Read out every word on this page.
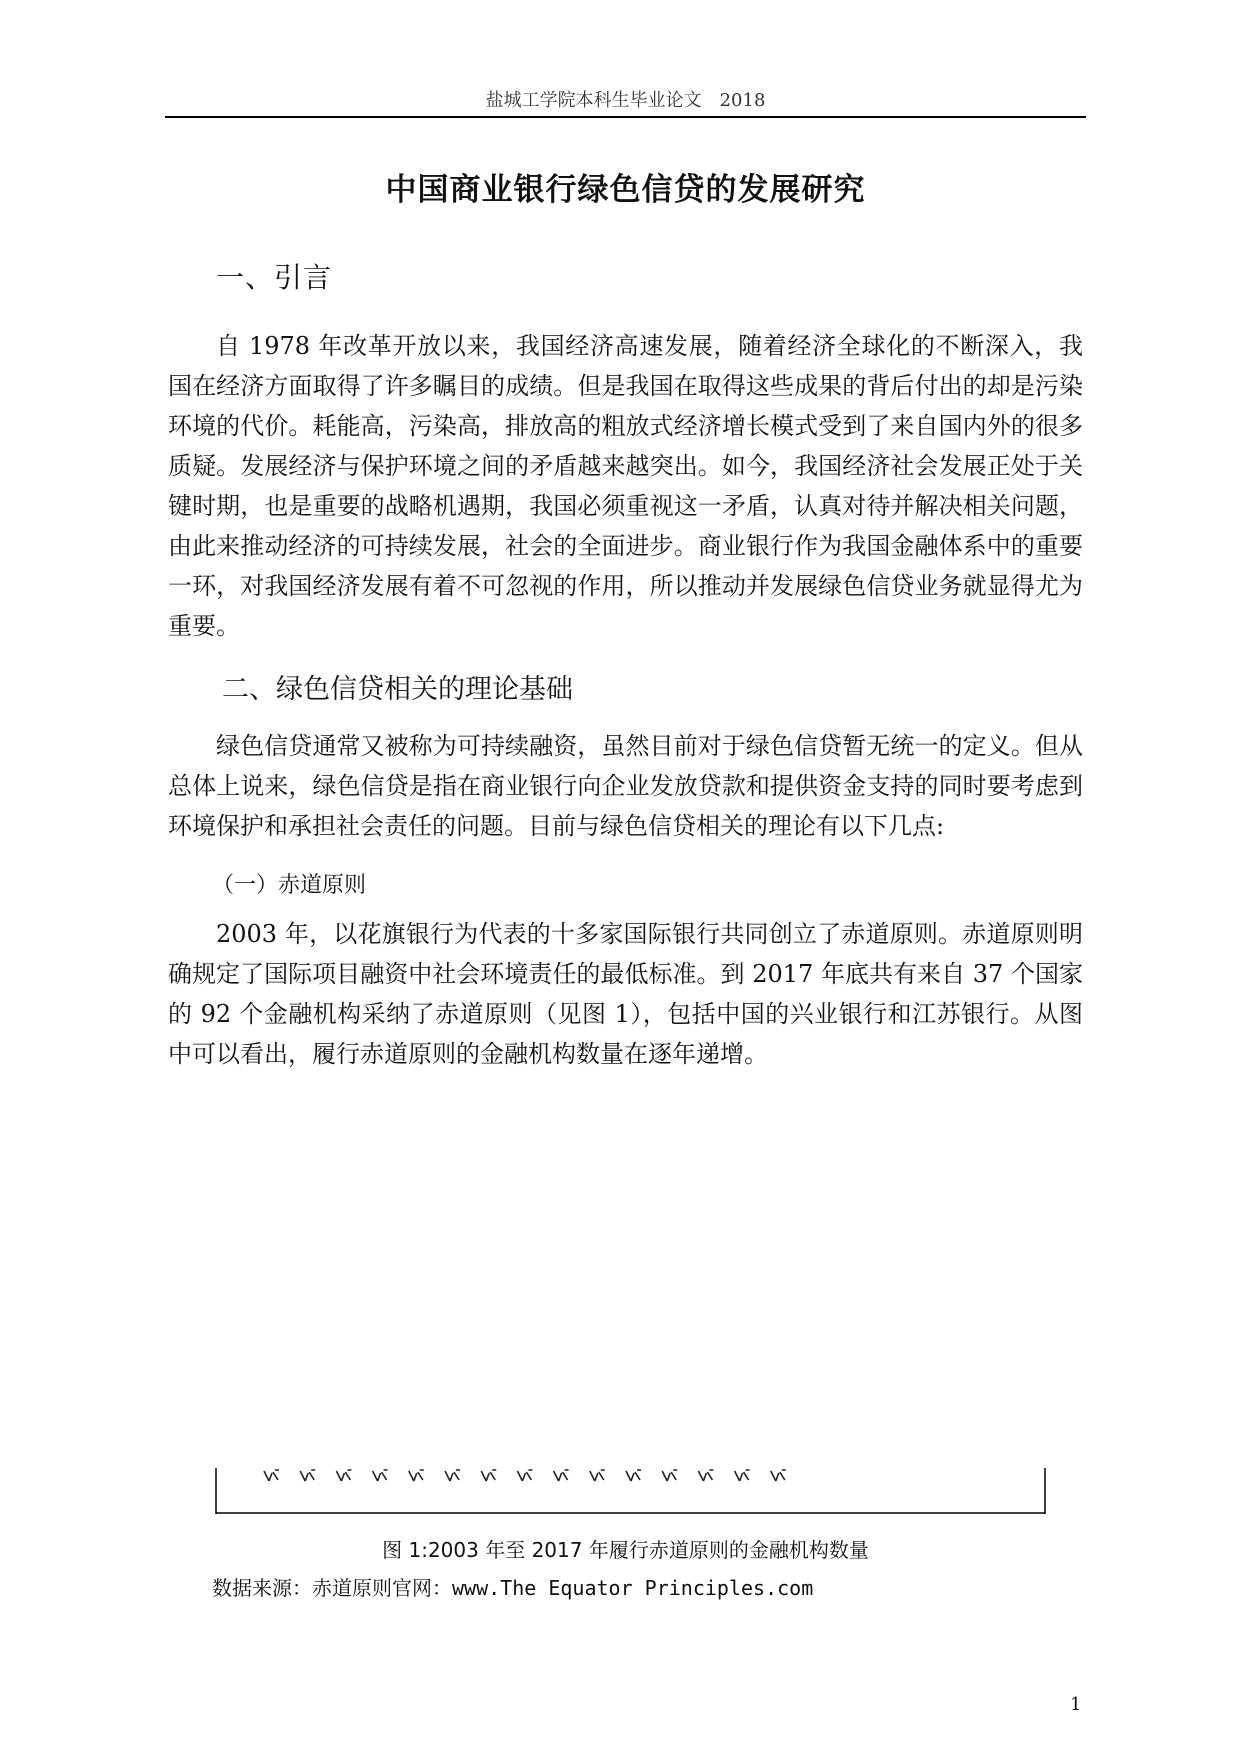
盐城工学院本科生毕业论文　2018
中国商业银行绿色信贷的发展研究
一、引言

自 1978 年改革开放以来，我国经济高速发展，随着经济全球化的不断深入，我国在经济方面取得了许多瞩目的成绩。但是我国在取得这些成果的背后付出的却是污染环境的代价。耗能高，污染高，排放高的粗放式经济增长模式受到了来自国内外的很多质疑。发展经济与保护环境之间的矛盾越来越突出。如今，我国经济社会发展正处于关键时期，也是重要的战略机遇期，我国必须重视这一矛盾，认真对待并解决相关问题，由此来推动经济的可持续发展，社会的全面进步。商业银行作为我国金融体系中的重要一环，对我国经济发展有着不可忽视的作用，所以推动并发展绿色信贷业务就显得尤为重要。

二、绿色信贷相关的理论基础

绿色信贷通常又被称为可持续融资，虽然目前对于绿色信贷暂无统一的定义。但从总体上说来，绿色信贷是指在商业银行向企业发放贷款和提供资金支持的同时要考虑到环境保护和承担社会责任的问题。目前与绿色信贷相关的理论有以下几点:

（一）赤道原则

2003 年，以花旗银行为代表的十多家国际银行共同创立了赤道原则。赤道原则明确规定了国际项目融资中社会环境责任的最低标准。到 2017 年底共有来自 37 个国家的 92 个金融机构采纳了赤道原则（见图 1），包括中国的兴业银行和江苏银行。从图中可以看出，履行赤道原则的金融机构数量在逐年递增。

图 1:2003 年至 2017 年履行赤道原则的金融机构数量
数据来源：赤道原则官网：www.The Equator Principles.com
1
